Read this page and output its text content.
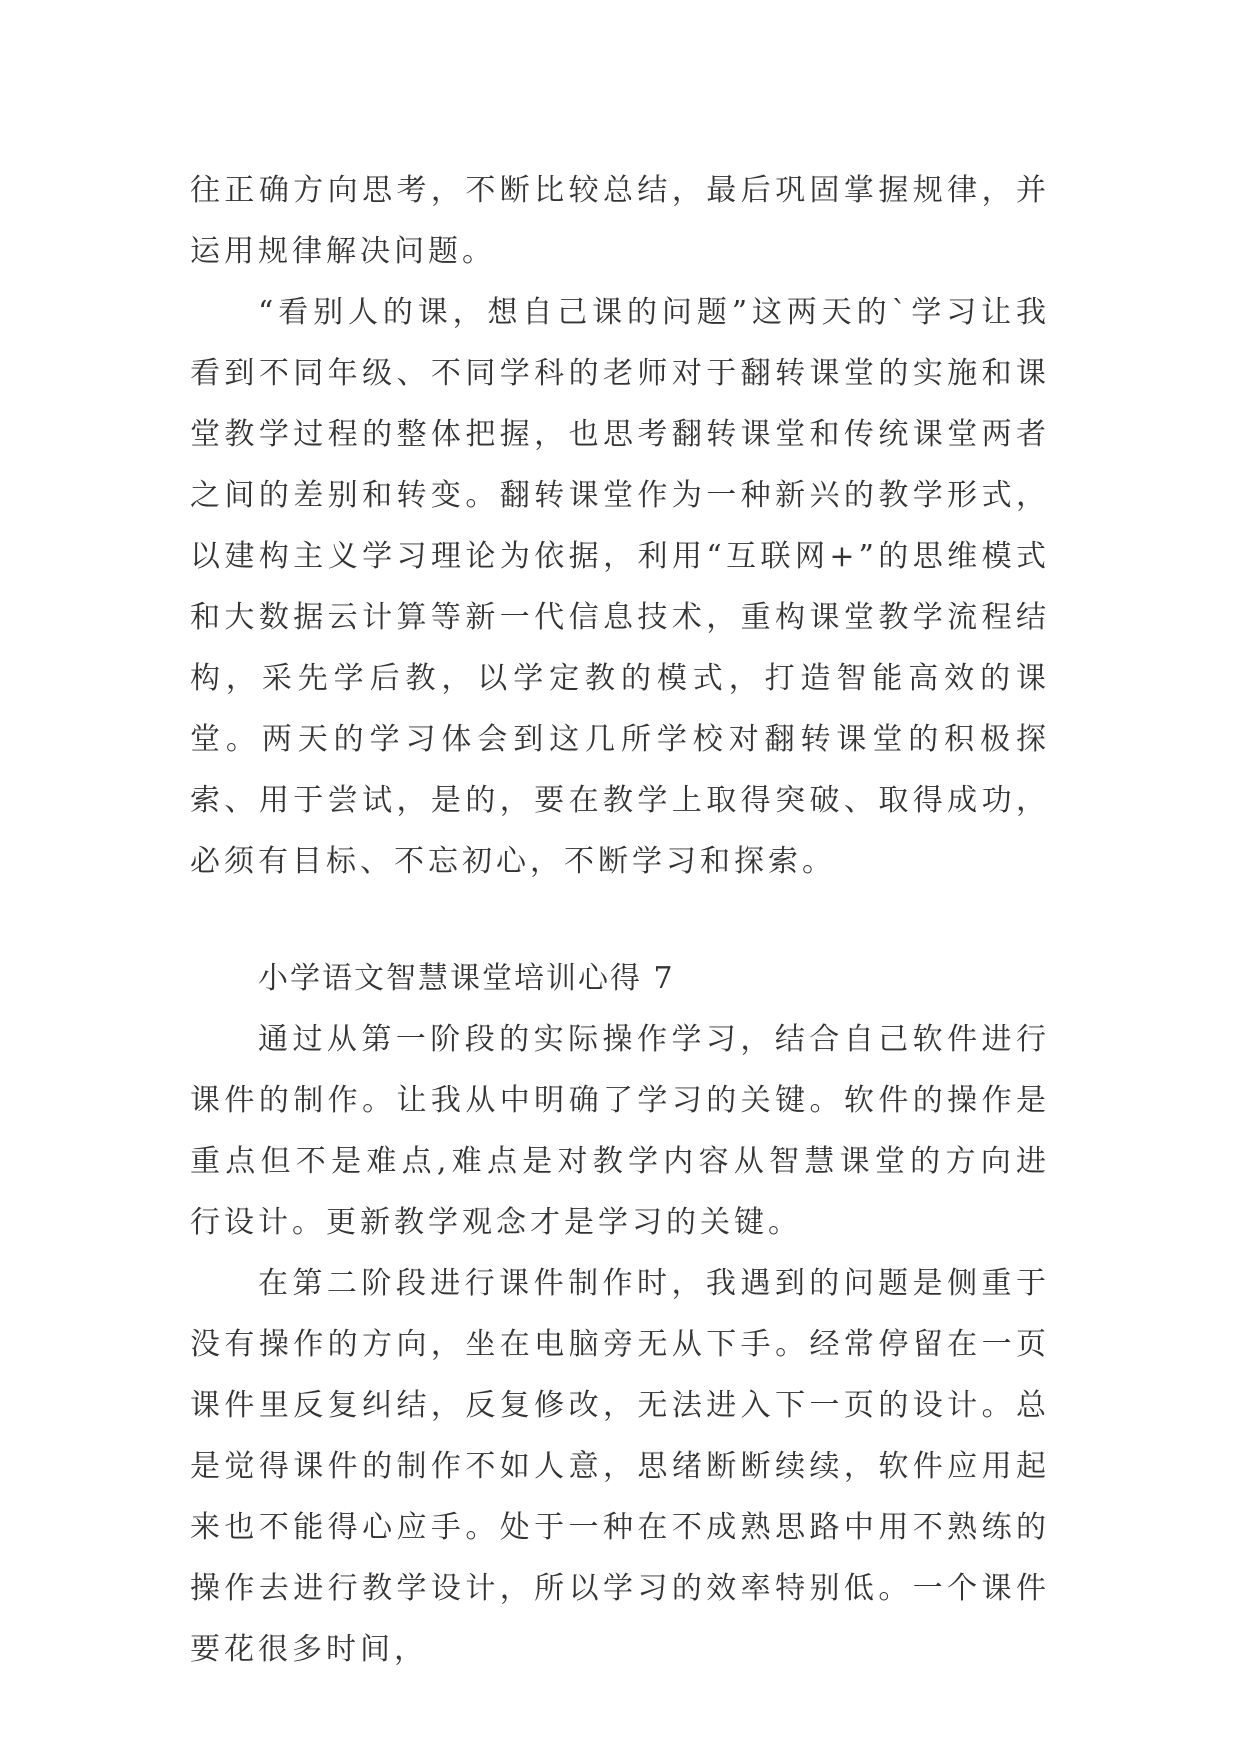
往正确方向思考，不断比较总结，最后巩固掌握规律，并运用规律解决问题。

“看别人的课，想自己课的问题”这两天的`学习让我看到不同年级、不同学科的老师对于翻转课堂的实施和课堂教学过程的整体把握，也思考翻转课堂和传统课堂两者之间的差别和转变。翻转课堂作为一种新兴的教学形式，以建构主义学习理论为依据，利用“互联网+”的思维模式和大数据云计算等新一代信息技术，重构课堂教学流程结构，采先学后教，以学定教的模式，打造智能高效的课堂。两天的学习体会到这几所学校对翻转课堂的积极探索、用于尝试，是的，要在教学上取得突破、取得成功，必须有目标、不忘初心，不断学习和探索。

小学语文智慧课堂培训心得 7

通过从第一阶段的实际操作学习，结合自己软件进行课件的制作。让我从中明确了学习的关键。软件的操作是重点但不是难点,难点是对教学内容从智慧课堂的方向进行设计。更新教学观念才是学习的关键。

在第二阶段进行课件制作时，我遇到的问题是侧重于没有操作的方向，坐在电脑旁无从下手。经常停留在一页课件里反复纠结，反复修改，无法进入下一页的设计。总是觉得课件的制作不如人意，思绪断断续续，软件应用起来也不能得心应手。处于一种在不成熟思路中用不熟练的操作去进行教学设计，所以学习的效率特别低。一个课件要花很多时间，
